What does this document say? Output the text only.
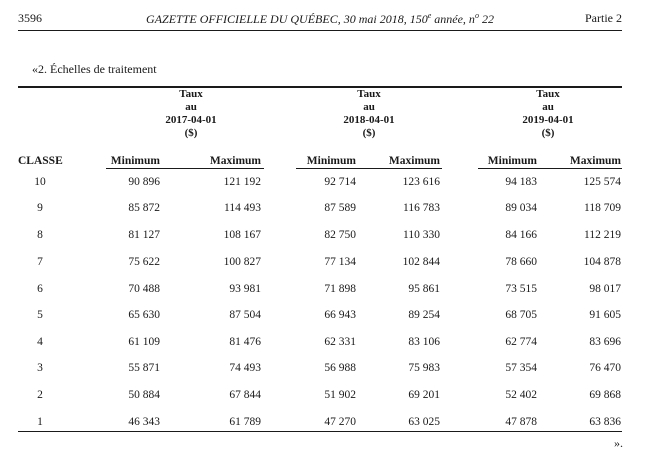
3596	GAZETTE OFFICIELLE DU QUÉBEC, 30 mai 2018, 150e année, $n^o$ 22	Partie 2
«2. Échelles de traitement
Taux
au
2017-04-01
($)
Taux
au
2018-04-01
($)
Taux
au
2019-04-01
($)
CLASSE	Minimum	Maximum	Minimum	Maximum	Minimum	Maximum
10	90 896	121 192	92 714	123 616	94 183	125 574
9	85 872	114 493	87 589	116 783	89 034	118 709
8	81 127	108 167	82 750	110 330	84 166	112 219
7	75 622	100 827	77 134	102 844	78 660	104 878
6	70 488	93 981	71 898	95 861	73 515	98 017
5	65 630	87 504	66 943	89 254	68 705	91 605
4	61 109	81 476	62 331	83 106	62 774	83 696
3	55 871	74 493	56 988	75 983	57 354	76 470
2	50 884	67 844	51 902	69 201	52 402	69 868
1	46 343	61 789	47 270	63 025	47 878	63 836
».
